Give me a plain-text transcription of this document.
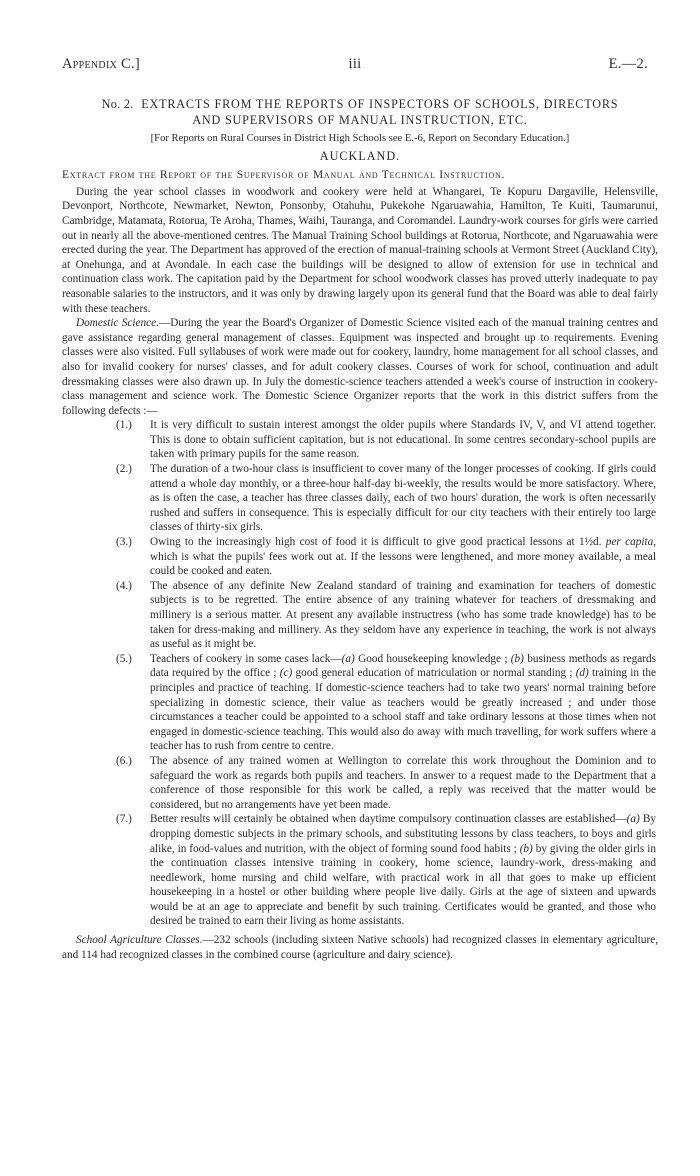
Appendix C.]	iii	E.—2.
No. 2. EXTRACTS FROM THE REPORTS OF INSPECTORS OF SCHOOLS, DIRECTORS
AND SUPERVISORS OF MANUAL INSTRUCTION, ETC.
[For Reports on Rural Courses in District High Schools see E.-6, Report on Secondary Education.]
AUCKLAND.
Extract from the Report of the Supervisor of Manual and Technical Instruction.

During the year school classes in woodwork and cookery were held at Whangarei, Te Kopuru Dargaville, Helensville, Devonport, Northcote, Newmarket, Newton, Ponsonby, Otahuhu, Pukekohe Ngaruawahia, Hamilton, Te Kuiti, Taumarunui, Cambridge, Matamata, Rotorua, Te Aroha, Thames, Waihi, Tauranga, and Coromandel. Laundry-work courses for girls were carried out in nearly all the above-mentioned centres. The Manual Training School buildings at Rotorua, Northcote, and Ngaruawahia were erected during the year. The Department has approved of the erection of manual-training schools at Vermont Street (Auckland City), at Onehunga, and at Avondale. In each case the buildings will be designed to allow of extension for use in technical and continuation class work. The capitation paid by the Department for school woodwork classes has proved utterly inadequate to pay reasonable salaries to the instructors, and it was only by drawing largely upon its general fund that the Board was able to deal fairly with these teachers.

Domestic Science.—During the year the Board's Organizer of Domestic Science visited each of the manual training centres and gave assistance regarding general management of classes. Equipment was inspected and brought up to requirements. Evening classes were also visited. Full syllabuses of work were made out for cookery, laundry, home management for all school classes, and also for invalid cookery for nurses' classes, and for adult cookery classes. Courses of work for school, continuation and adult dressmaking classes were also drawn up. In July the domestic-science teachers attended a week's course of instruction in cookery-class management and science work. The Domestic Science Organizer reports that the work in this district suffers from the following defects :—

(1.) It is very difficult to sustain interest amongst the older pupils where Standards IV, V, and VI attend together. This is done to obtain sufficient capitation, but is not educational. In some centres secondary-school pupils are taken with primary pupils for the same reason.
(2.) The duration of a two-hour class is insufficient to cover many of the longer processes of cooking. If girls could attend a whole day monthly, or a three-hour half-day bi-weekly, the results would be more satisfactory. Where, as is often the case, a teacher has three classes daily, each of two hours' duration, the work is often necessarily rushed and suffers in consequence. This is especially difficult for our city teachers with their entirely too large classes of thirty-six girls.
(3.) Owing to the increasingly high cost of food it is difficult to give good practical lessons at 1½d. per capita, which is what the pupils' fees work out at. If the lessons were lengthened, and more money available, a meal could be cooked and eaten.
(4.) The absence of any definite New Zealand standard of training and examination for teachers of domestic subjects is to be regretted. The entire absence of any training whatever for teachers of dressmaking and millinery is a serious matter. At present any available instructress (who has some trade knowledge) has to be taken for dress-making and millinery. As they seldom have any experience in teaching, the work is not always as useful as it might be.
(5.) Teachers of cookery in some cases lack—(a) Good housekeeping knowledge ; (b) business methods as regards data required by the office ; (c) good general education of matriculation or normal standing ; (d) training in the principles and practice of teaching. If domestic-science teachers had to take two years' normal training before specializing in domestic science, their value as teachers would be greatly increased ; and under those circumstances a teacher could be appointed to a school staff and take ordinary lessons at those times when not engaged in domestic-science teaching. This would also do away with much travelling, for work suffers where a teacher has to rush from centre to centre.
(6.) The absence of any trained women at Wellington to correlate this work throughout the Dominion and to safeguard the work as regards both pupils and teachers. In answer to a request made to the Department that a conference of those responsible for this work be called, a reply was received that the matter would be considered, but no arrangements have yet been made.
(7.) Better results will certainly be obtained when daytime compulsory continuation classes are established—(a) By dropping domestic subjects in the primary schools, and substituting lessons by class teachers, to boys and girls alike, in food-values and nutrition, with the object of forming sound food habits ; (b) by giving the older girls in the continuation classes intensive training in cookery, home science, laundry-work, dress-making and needlework, home nursing and child welfare, with practical work in all that goes to make up efficient housekeeping in a hostel or other building where people live daily. Girls at the age of sixteen and upwards would be at an age to appreciate and benefit by such training. Certificates would be granted, and those who desired be trained to earn their living as home assistants.

School Agriculture Classes.—232 schools (including sixteen Native schools) had recognized classes in elementary agriculture, and 114 had recognized classes in the combined course (agriculture and dairy science).
